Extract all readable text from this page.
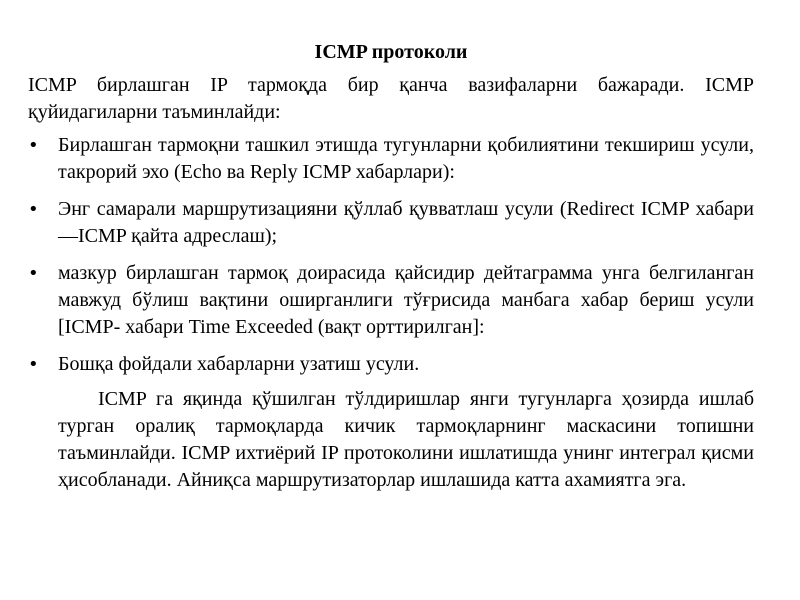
ICMP протоколи

ICMP бирлашган IP тармоқда бир қанча вазифаларни бажаради. ICMP қуйидагиларни таъминлайди:

• Бирлашган тармоқни ташкил этишда тугунларни қобилиятини текшириш усули, такрорий эхо (Echo ва Reply ICMP хабарлари):
• Энг самарали маршрутизацияни қўллаб қувватлаш усули (Redirect ICMP хабари —ICMP қайта адреслаш);
• мазкур бирлашган тармоқ доирасида қайсидир дейтаграмма унга белгиланган мавжуд бўлиш вақтини оширганлиги тўғрисида манбага хабар бериш усули [ICMP- хабари Time Exceeded (вақт орттирилган]:
• Бошқа фойдали хабарларни узатиш усули.

ICMP га яқинда қўшилган тўлдиришлар янги тугунларга ҳозирда ишлаб турган оралиқ тармоқларда кичик тармоқларнинг маскасини топишни таъминлайди. ICMP ихтиёрий IP протоколини ишлатишда унинг интеграл қисми ҳисобланади. Айниқса маршрутизаторлар ишлашида катта ахамиятга эга.
